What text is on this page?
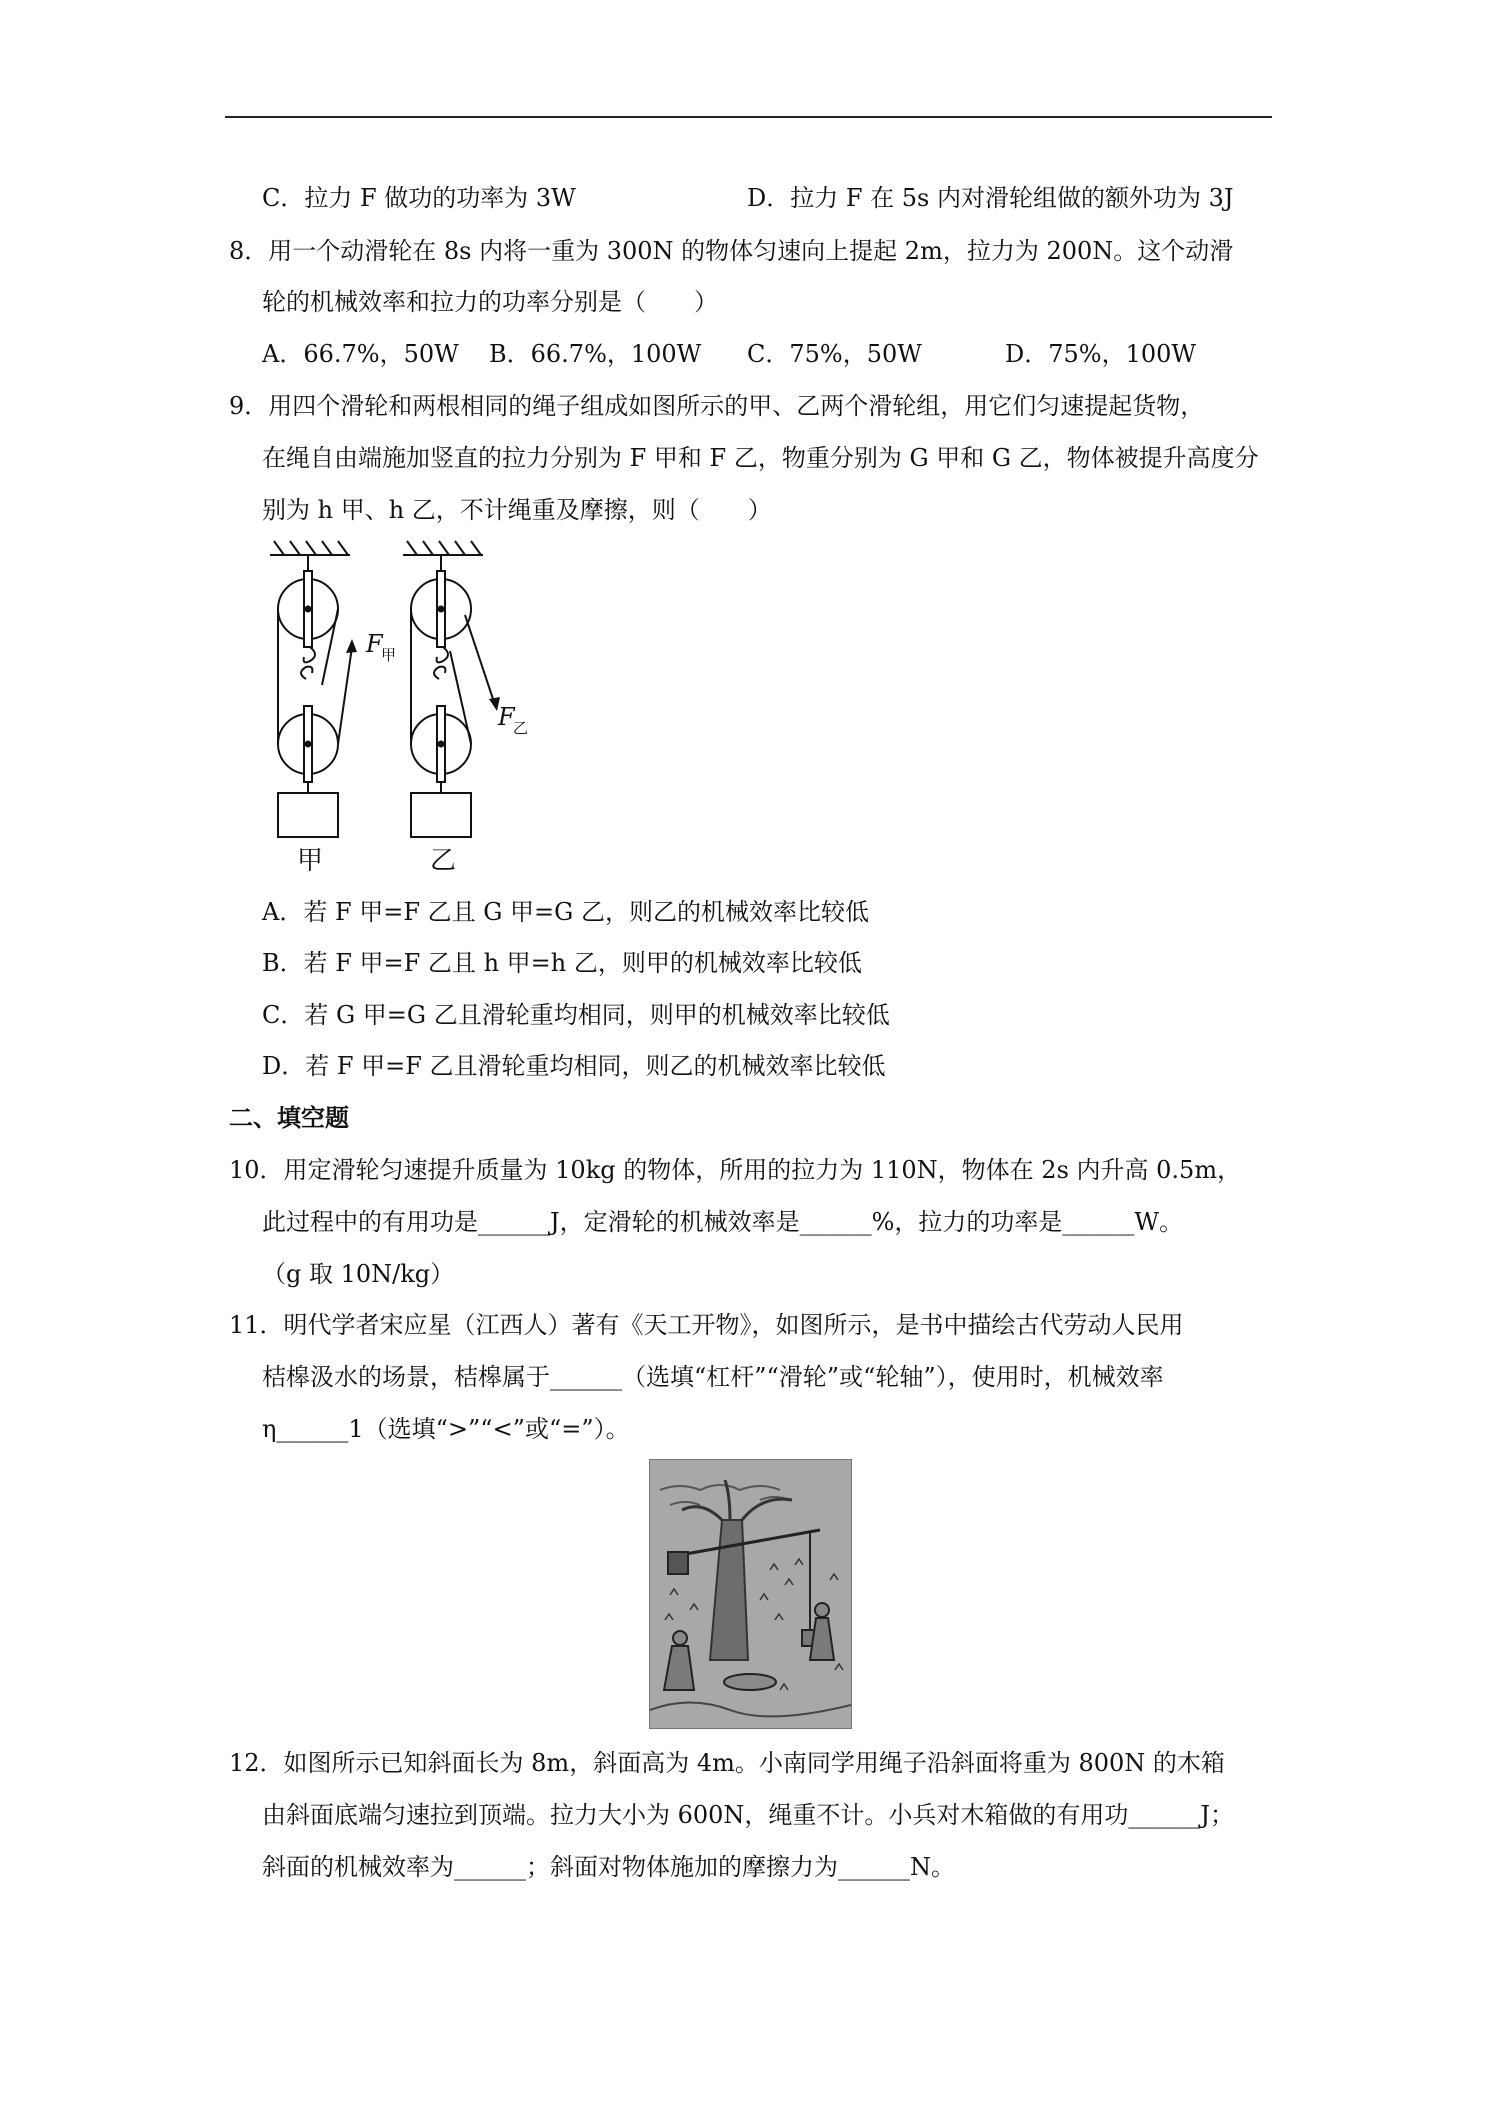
C．拉力 F 做功的功率为 3W	D．拉力 F 在 5s 内对滑轮组做的额外功为 3J
8．用一个动滑轮在 8s 内将一重为 300N 的物体匀速向上提起 2m，拉力为 200N。这个动滑
轮的机械效率和拉力的功率分别是（　　）
A．66.7%，50W B．66.7%，100W C．75%，50W	D．75%，100W
9．用四个滑轮和两根相同的绳子组成如图所示的甲、乙两个滑轮组，用它们匀速提起货物，
在绳自由端施加竖直的拉力分别为 F 甲和 F 乙，物重分别为 G 甲和 G 乙，物体被提升高度分
别为 h 甲、h 乙，不计绳重及摩擦，则（　　）
F
甲
甲
F
乙
乙
A．若 F 甲=F 乙且 G 甲=G 乙，则乙的机械效率比较低
B．若 F 甲=F 乙且 h 甲=h 乙，则甲的机械效率比较低
C．若 G 甲=G 乙且滑轮重均相同，则甲的机械效率比较低
D．若 F 甲=F 乙且滑轮重均相同，则乙的机械效率比较低
二、填空题
10．用定滑轮匀速提升质量为 10kg 的物体，所用的拉力为 110N，物体在 2s 内升高 0.5m，
此过程中的有用功是______J，定滑轮的机械效率是______%，拉力的功率是______W。
（g 取 10N/kg）
11．明代学者宋应星（江西人）著有《天工开物》，如图所示，是书中描绘古代劳动人民用
桔槔汲水的场景，桔槔属于______（选填“杠杆”“滑轮”或“轮轴”），使用时，机械效率
η______1（选填“>”“<”或“=”）。
12．如图所示已知斜面长为 8m，斜面高为 4m。小南同学用绳子沿斜面将重为 800N 的木箱
由斜面底端匀速拉到顶端。拉力大小为 600N，绳重不计。小兵对木箱做的有用功______J；
斜面的机械效率为______；斜面对物体施加的摩擦力为______N。
